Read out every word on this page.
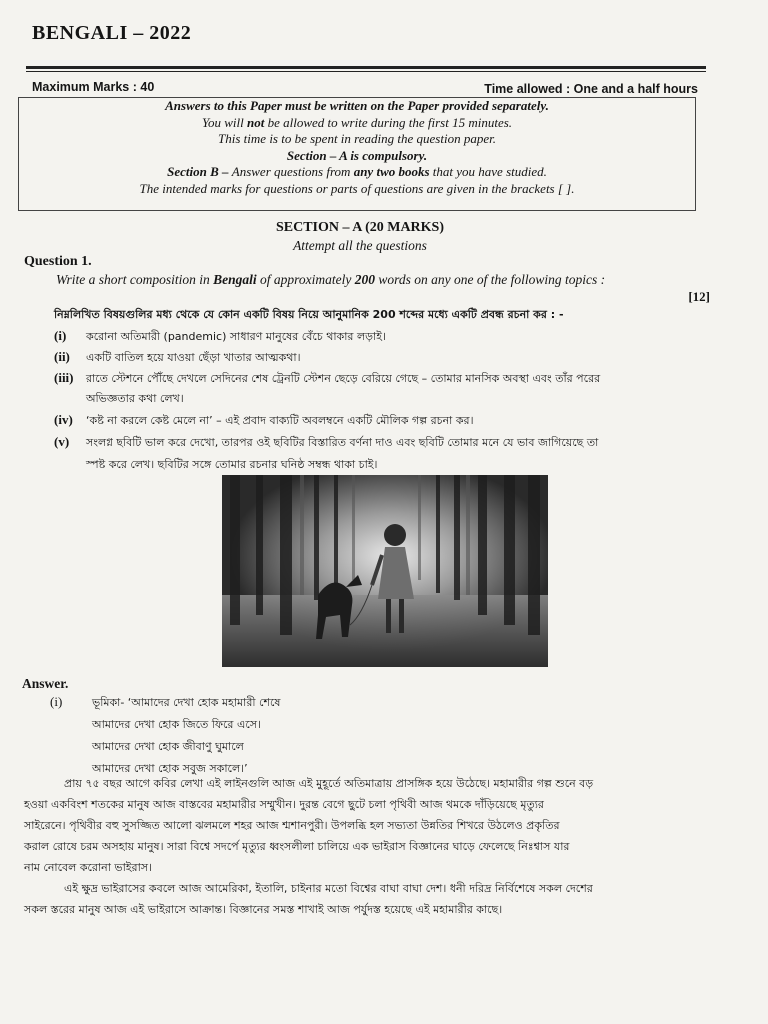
BENGALI – 2022
Maximum Marks : 40	Time allowed : One and a half hours
Answers to this Paper must be written on the Paper provided separately.
You will not be allowed to write during the first 15 minutes.
This time is to be spent in reading the question paper.
Section – A is compulsory.
Section B – Answer questions from any two books that you have studied.
The intended marks for questions or parts of questions are given in the brackets [ ].
SECTION – A (20 MARKS)
Attempt all the questions
Question 1.
Write a short composition in Bengali of approximately 200 words on any one of the following topics :
[12]
নিম্নলিখিত বিষয়গুলির মধ্য থেকে যে কোন একটি বিষয় নিয়ে আনুমানিক 200 শব্দের মধ্যে একটি প্রবন্ধ রচনা কর : -
(i) করোনা অতিমারী (pandemic) সাধারণ মানুষের বেঁচে থাকার লড়াই।
(ii) একটি বাতিল হয়ে যাওয়া ছেঁড়া খাতার আত্মকথা।
(iii) রাতে স্টেশনে পৌঁছে দেখলে সেদিনের শেষ ট্রেনটি স্টেশন ছেড়ে বেরিয়ে গেছে – তোমার মানসিক অবস্থা এবং তাঁর পরের
অভিজ্ঞতার কথা লেখ।
(iv) ‘কষ্ট না করলে কেষ্ট মেলে না’ – এই প্রবাদ বাক্যটি অবলম্বনে একটি মৌলিক গল্প রচনা কর।
(v) সংলগ্ন ছবিটি ভাল করে দেখো, তারপর ওই ছবিটির বিস্তারিত বর্ণনা দাও এবং ছবিটি তোমার মনে যে ভাব জাগিয়েছে তা
স্পষ্ট করে লেখ। ছবিটির সঙ্গে তোমার রচনার ঘনিষ্ঠ সম্বন্ধ থাকা চাই।
Answer.
(i)	ভূমিকা- ‘আমাদের দেখা হোক মহামারী শেষে
আমাদের দেখা হোক জিতে ফিরে এসে।
আমাদের দেখা হোক জীবাণু ঘুমালে
আমাদের দেখা হোক সবুজ সকালে।’
প্রায় ৭৫ বছর আগে কবির লেখা এই লাইনগুলি আজ এই মুহূর্তে অতিমাত্রায় প্রাসঙ্গিক হয়ে উঠেছে। মহামারীর গল্প শুনে বড়
হওয়া একবিংশ শতকের মানুষ আজ বাস্তবের মহামারীর সম্মুখীন। দুরন্ত বেগে ছুটে চলা পৃথিবী আজ থমকে দাঁড়িয়েছে মৃত্যুর
সাইরেনে। পৃথিবীর বহু সুসজ্জিত আলো ঝলমলে শহর আজ শ্মশানপুরী। উপলব্ধি হল সভ্যতা উন্নতির শিখরে উঠলেও প্রকৃতির
করাল রোষে চরম অসহায় মানুষ। সারা বিশ্বে সদর্পে মৃত্যুর ধ্বংসলীলা চালিয়ে এক ভাইরাস বিজ্ঞানের ঘাড়ে ফেলেছে নিঃশ্বাস যার
নাম নোবেল করোনা ভাইরাস।
এই ক্ষুদ্র ভাইরাসের কবলে আজ আমেরিকা, ইতালি, চাইনার মতো বিশ্বের বাঘা বাঘা দেশ। ধনী দরিদ্র নির্বিশেষে সকল দেশের
সকল স্তরের মানুষ আজ এই ভাইরাসে আক্রান্ত। বিজ্ঞানের সমস্ত শাখাই আজ পর্যুদস্ত হয়েছে এই মহামারীর কাছে।
